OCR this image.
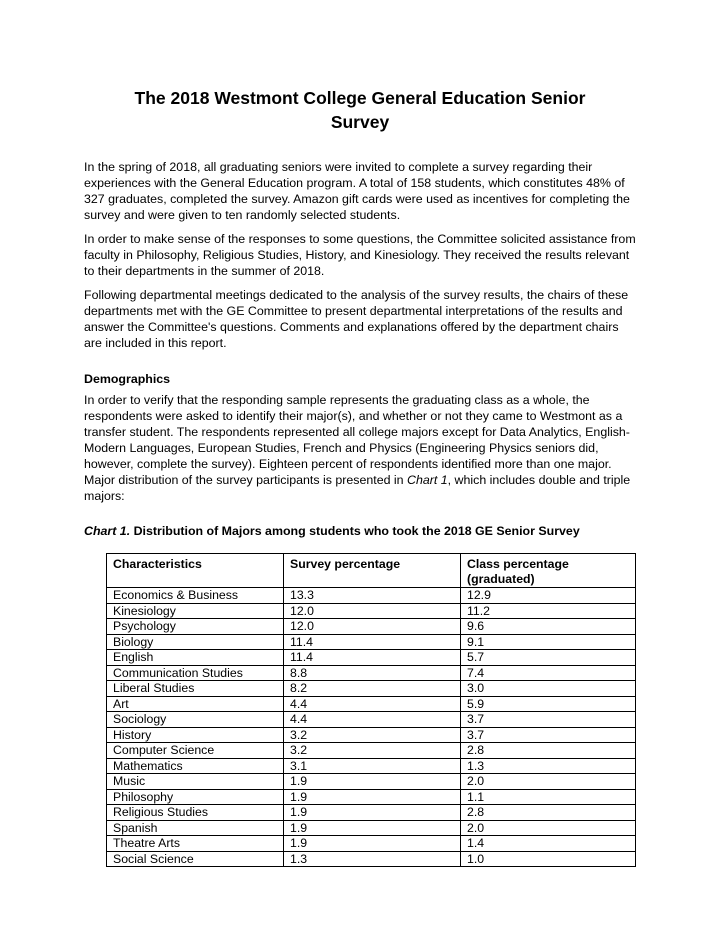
The 2018 Westmont College General Education Senior Survey

In the spring of 2018, all graduating seniors were invited to complete a survey regarding their experiences with the General Education program. A total of 158 students, which constitutes 48% of 327 graduates, completed the survey. Amazon gift cards were used as incentives for completing the survey and were given to ten randomly selected students.

In order to make sense of the responses to some questions, the Committee solicited assistance from faculty in Philosophy, Religious Studies, History, and Kinesiology. They received the results relevant to their departments in the summer of 2018.

Following departmental meetings dedicated to the analysis of the survey results, the chairs of these departments met with the GE Committee to present departmental interpretations of the results and answer the Committee's questions. Comments and explanations offered by the department chairs are included in this report.

Demographics

In order to verify that the responding sample represents the graduating class as a whole, the respondents were asked to identify their major(s), and whether or not they came to Westmont as a transfer student. The respondents represented all college majors except for Data Analytics, English-Modern Languages, European Studies, French and Physics (Engineering Physics seniors did, however, complete the survey). Eighteen percent of respondents identified more than one major. Major distribution of the survey participants is presented in Chart 1, which includes double and triple majors:

Chart 1. Distribution of Majors among students who took the 2018 GE Senior Survey

Characteristics	Survey percentage	Class percentage (graduated)
Economics & Business	13.3	12.9
Kinesiology	12.0	11.2
Psychology	12.0	9.6
Biology	11.4	9.1
English	11.4	5.7
Communication Studies	8.8	7.4
Liberal Studies	8.2	3.0
Art	4.4	5.9
Sociology	4.4	3.7
History	3.2	3.7
Computer Science	3.2	2.8
Mathematics	3.1	1.3
Music	1.9	2.0
Philosophy	1.9	1.1
Religious Studies	1.9	2.8
Spanish	1.9	2.0
Theatre Arts	1.9	1.4
Social Science	1.3	1.0
